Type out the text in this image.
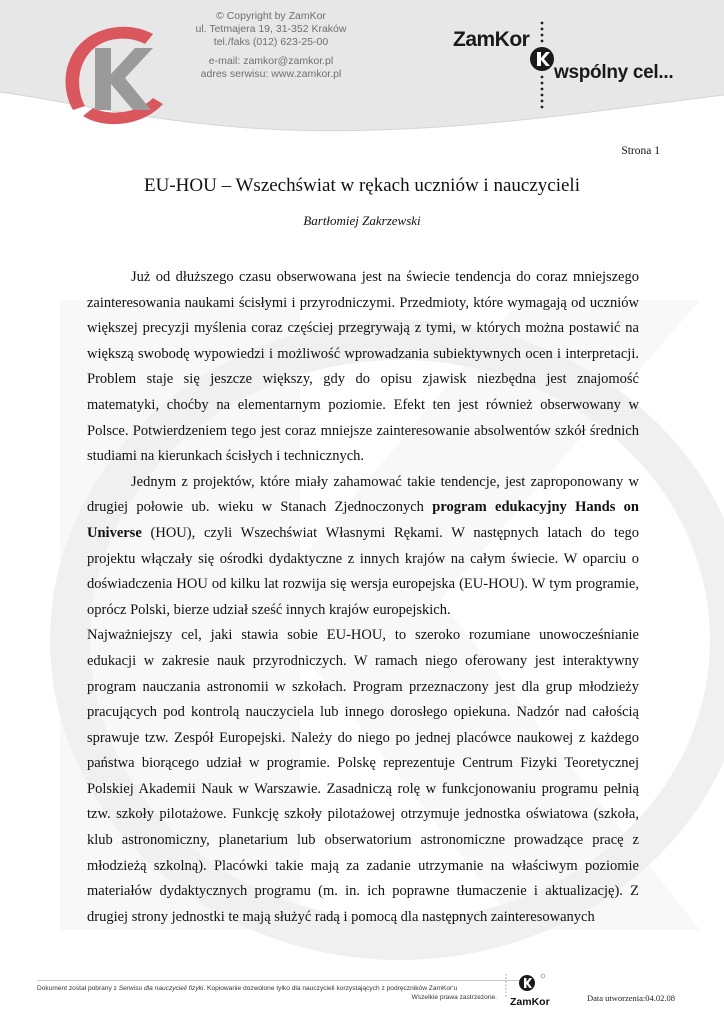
© Copyright by ZamKor
ul. Tetmajera 19, 31-352 Kraków
tel./faks (012) 623-25-00
e-mail: zamkor@zamkor.pl
adres serwisu: www.zamkor.pl
ZamKor
wspólny cel...
Strona 1
EU-HOU – Wszechświat w rękach uczniów i nauczycieli
Bartłomiej Zakrzewski

Już od dłuższego czasu obserwowana jest na świecie tendencja do coraz mniejszego zainteresowania naukami ścisłymi i przyrodniczymi. Przedmioty, które wymagają od uczniów większej precyzji myślenia coraz częściej przegrywają z tymi, w których można postawić na większą swobodę wypowiedzi i możliwość wprowadzania subiektywnych ocen i interpretacji. Problem staje się jeszcze większy, gdy do opisu zjawisk niezbędna jest znajomość matematyki, choćby na elementarnym poziomie. Efekt ten jest również obserwowany w Polsce. Potwierdzeniem tego jest coraz mniejsze zainteresowanie absolwentów szkół średnich studiami na kierunkach ścisłych i technicznych.

Jednym z projektów, które miały zahamować takie tendencje, jest zaproponowany w drugiej połowie ub. wieku w Stanach Zjednoczonych program edukacyjny Hands on Universe (HOU), czyli Wszechświat Własnymi Rękami. W następnych latach do tego projektu włączały się ośrodki dydaktyczne z innych krajów na całym świecie. W oparciu o doświadczenia HOU od kilku lat rozwija się wersja europejska (EU-HOU). W tym programie, oprócz Polski, bierze udział sześć innych krajów europejskich.

Najważniejszy cel, jaki stawia sobie EU-HOU, to szeroko rozumiane unowocześnianie edukacji w zakresie nauk przyrodniczych. W ramach niego oferowany jest interaktywny program nauczania astronomii w szkołach. Program przeznaczony jest dla grup młodzieży pracujących pod kontrolą nauczyciela lub innego dorosłego opiekuna. Nadzór nad całością sprawuje tzw. Zespół Europejski. Należy do niego po jednej placówce naukowej z każdego państwa biorącego udział w programie. Polskę reprezentuje Centrum Fizyki Teoretycznej Polskiej Akademii Nauk w Warszawie. Zasadniczą rolę w funkcjonowaniu programu pełnią tzw. szkoły pilotażowe. Funkcję szkoły pilotażowej otrzymuje jednostka oświatowa (szkoła, klub astronomiczny, planetarium lub obserwatorium astronomiczne prowadzące pracę z młodzieżą szkolną). Placówki takie mają za zadanie utrzymanie na właściwym poziomie materiałów dydaktycznych programu (m. in. ich poprawne tłumaczenie i aktualizację). Z drugiej strony jednostki te mają służyć radą i pomocą dla następnych zainteresowanych

Dokument został pobrany z Serwisu dla nauczycieli fizyki. Kopiowanie dozwolone tylko dla nauczycieli korzystających z podręczników ZamKor'u
Wszelkie prawa zastrzeżone. ZamKor	Data utworzenia:04.02.08
